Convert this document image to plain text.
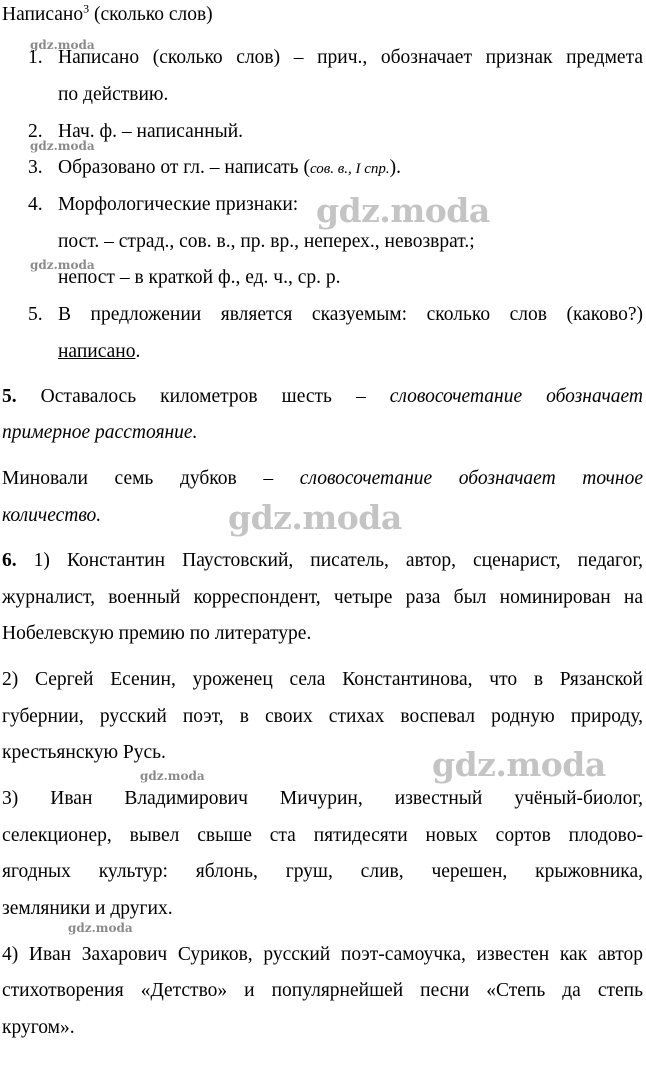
Написано$^3$ (сколько слов)
gdz.moda
gdz.moda
gdz.moda
gdz.moda
gdz.moda
gdz.moda
gdz.moda
gdz.moda
1. Написано (сколько слов) – прич., обозначает признак предмета
по действию.
2. Нач. ф. – написанный.
3. Образовано от гл. – написать (сов. в., I спр.).
4. Морфологические признаки:
пост. – страд., сов. в., пр. вр., неперех., невозврат.;
непост – в краткой ф., ед. ч., ср. р.
5. В предложении является сказуемым: сколько слов (каково?)
написано.
5. Оставалось километров шесть – словосочетание обозначает
примерное расстояние.
Миновали семь дубков – словосочетание обозначает точное
количество.
6. 1) Константин Паустовский, писатель, автор, сценарист, педагог,
журналист, военный корреспондент, четыре раза был номинирован на
Нобелевскую премию по литературе.
2) Сергей Есенин, уроженец села Константинова, что в Рязанской
губернии, русский поэт, в своих стихах воспевал родную природу,
крестьянскую Русь.
3) Иван Владимирович Мичурин, известный учёный-биолог,
селекционер, вывел свыше ста пятидесяти новых сортов плодово-
ягодных культур: яблонь, груш, слив, черешен, крыжовника,
земляники и других.
4) Иван Захарович Суриков, русский поэт-самоучка, известен как автор
стихотворения «Детство» и популярнейшей песни «Степь да степь
кругом».
